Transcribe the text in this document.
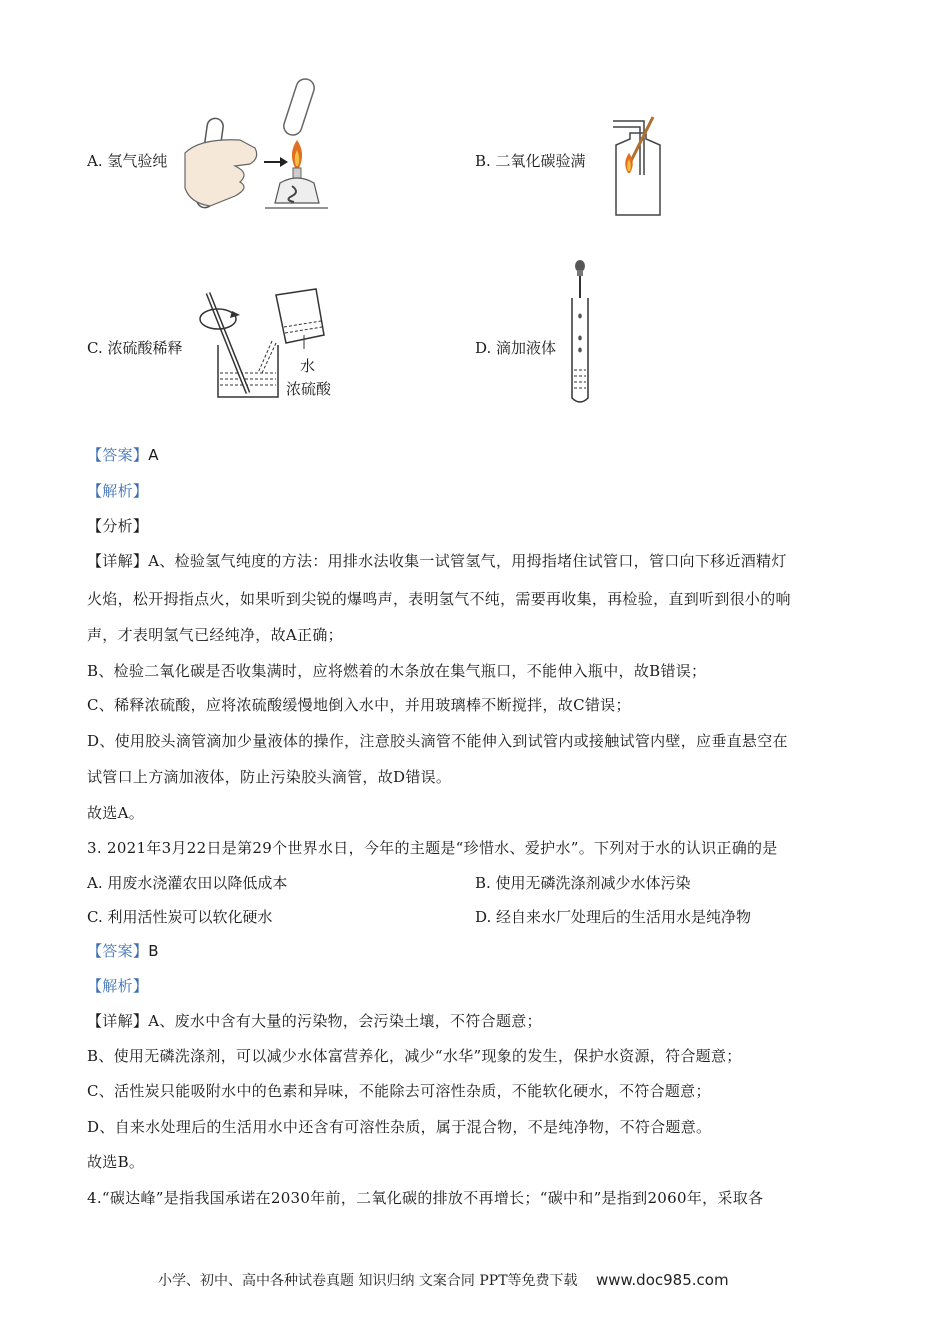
A. 氢气验纯	B. 二氧化碳验满
C. 浓硫酸稀释
水
浓硫酸
D. 滴加液体
【答案】A
【解析】
【分析】
【详解】A、检验氢气纯度的方法：用排水法收集一试管氢气，用拇指堵住试管口，管口向下移近酒精灯
火焰，松开拇指点火，如果听到尖锐的爆鸣声，表明氢气不纯，需要再收集，再检验，直到听到很小的响
声，才表明氢气已经纯净，故A正确；
B、检验二氧化碳是否收集满时，应将燃着的木条放在集气瓶口，不能伸入瓶中，故B错误；
C、稀释浓硫酸，应将浓硫酸缓慢地倒入水中，并用玻璃棒不断搅拌，故C错误；
D、使用胶头滴管滴加少量液体的操作，注意胶头滴管不能伸入到试管内或接触试管内壁，应垂直悬空在
试管口上方滴加液体，防止污染胶头滴管，故D错误。
故选A。
3. 2021年3月22日是第29个世界水日，今年的主题是“珍惜水、爱护水”。下列对于水的认识正确的是
A. 用废水浇灌农田以降低成本	B. 使用无磷洗涤剂减少水体污染
C. 利用活性炭可以软化硬水	D. 经自来水厂处理后的生活用水是纯净物
【答案】B
【解析】
【详解】A、废水中含有大量的污染物，会污染土壤，不符合题意；
B、使用无磷洗涤剂，可以减少水体富营养化，减少“水华”现象的发生，保护水资源，符合题意；
C、活性炭只能吸附水中的色素和异味，不能除去可溶性杂质，不能软化硬水，不符合题意；
D、自来水处理后的生活用水中还含有可溶性杂质，属于混合物，不是纯净物，不符合题意。
故选B。
4.“碳达峰”是指我国承诺在2030年前，二氧化碳的排放不再增长；“碳中和”是指到2060年，采取各
小学、初中、高中各种试卷真题 知识归纳 文案合同 PPT等免费下载 www.doc985.com
